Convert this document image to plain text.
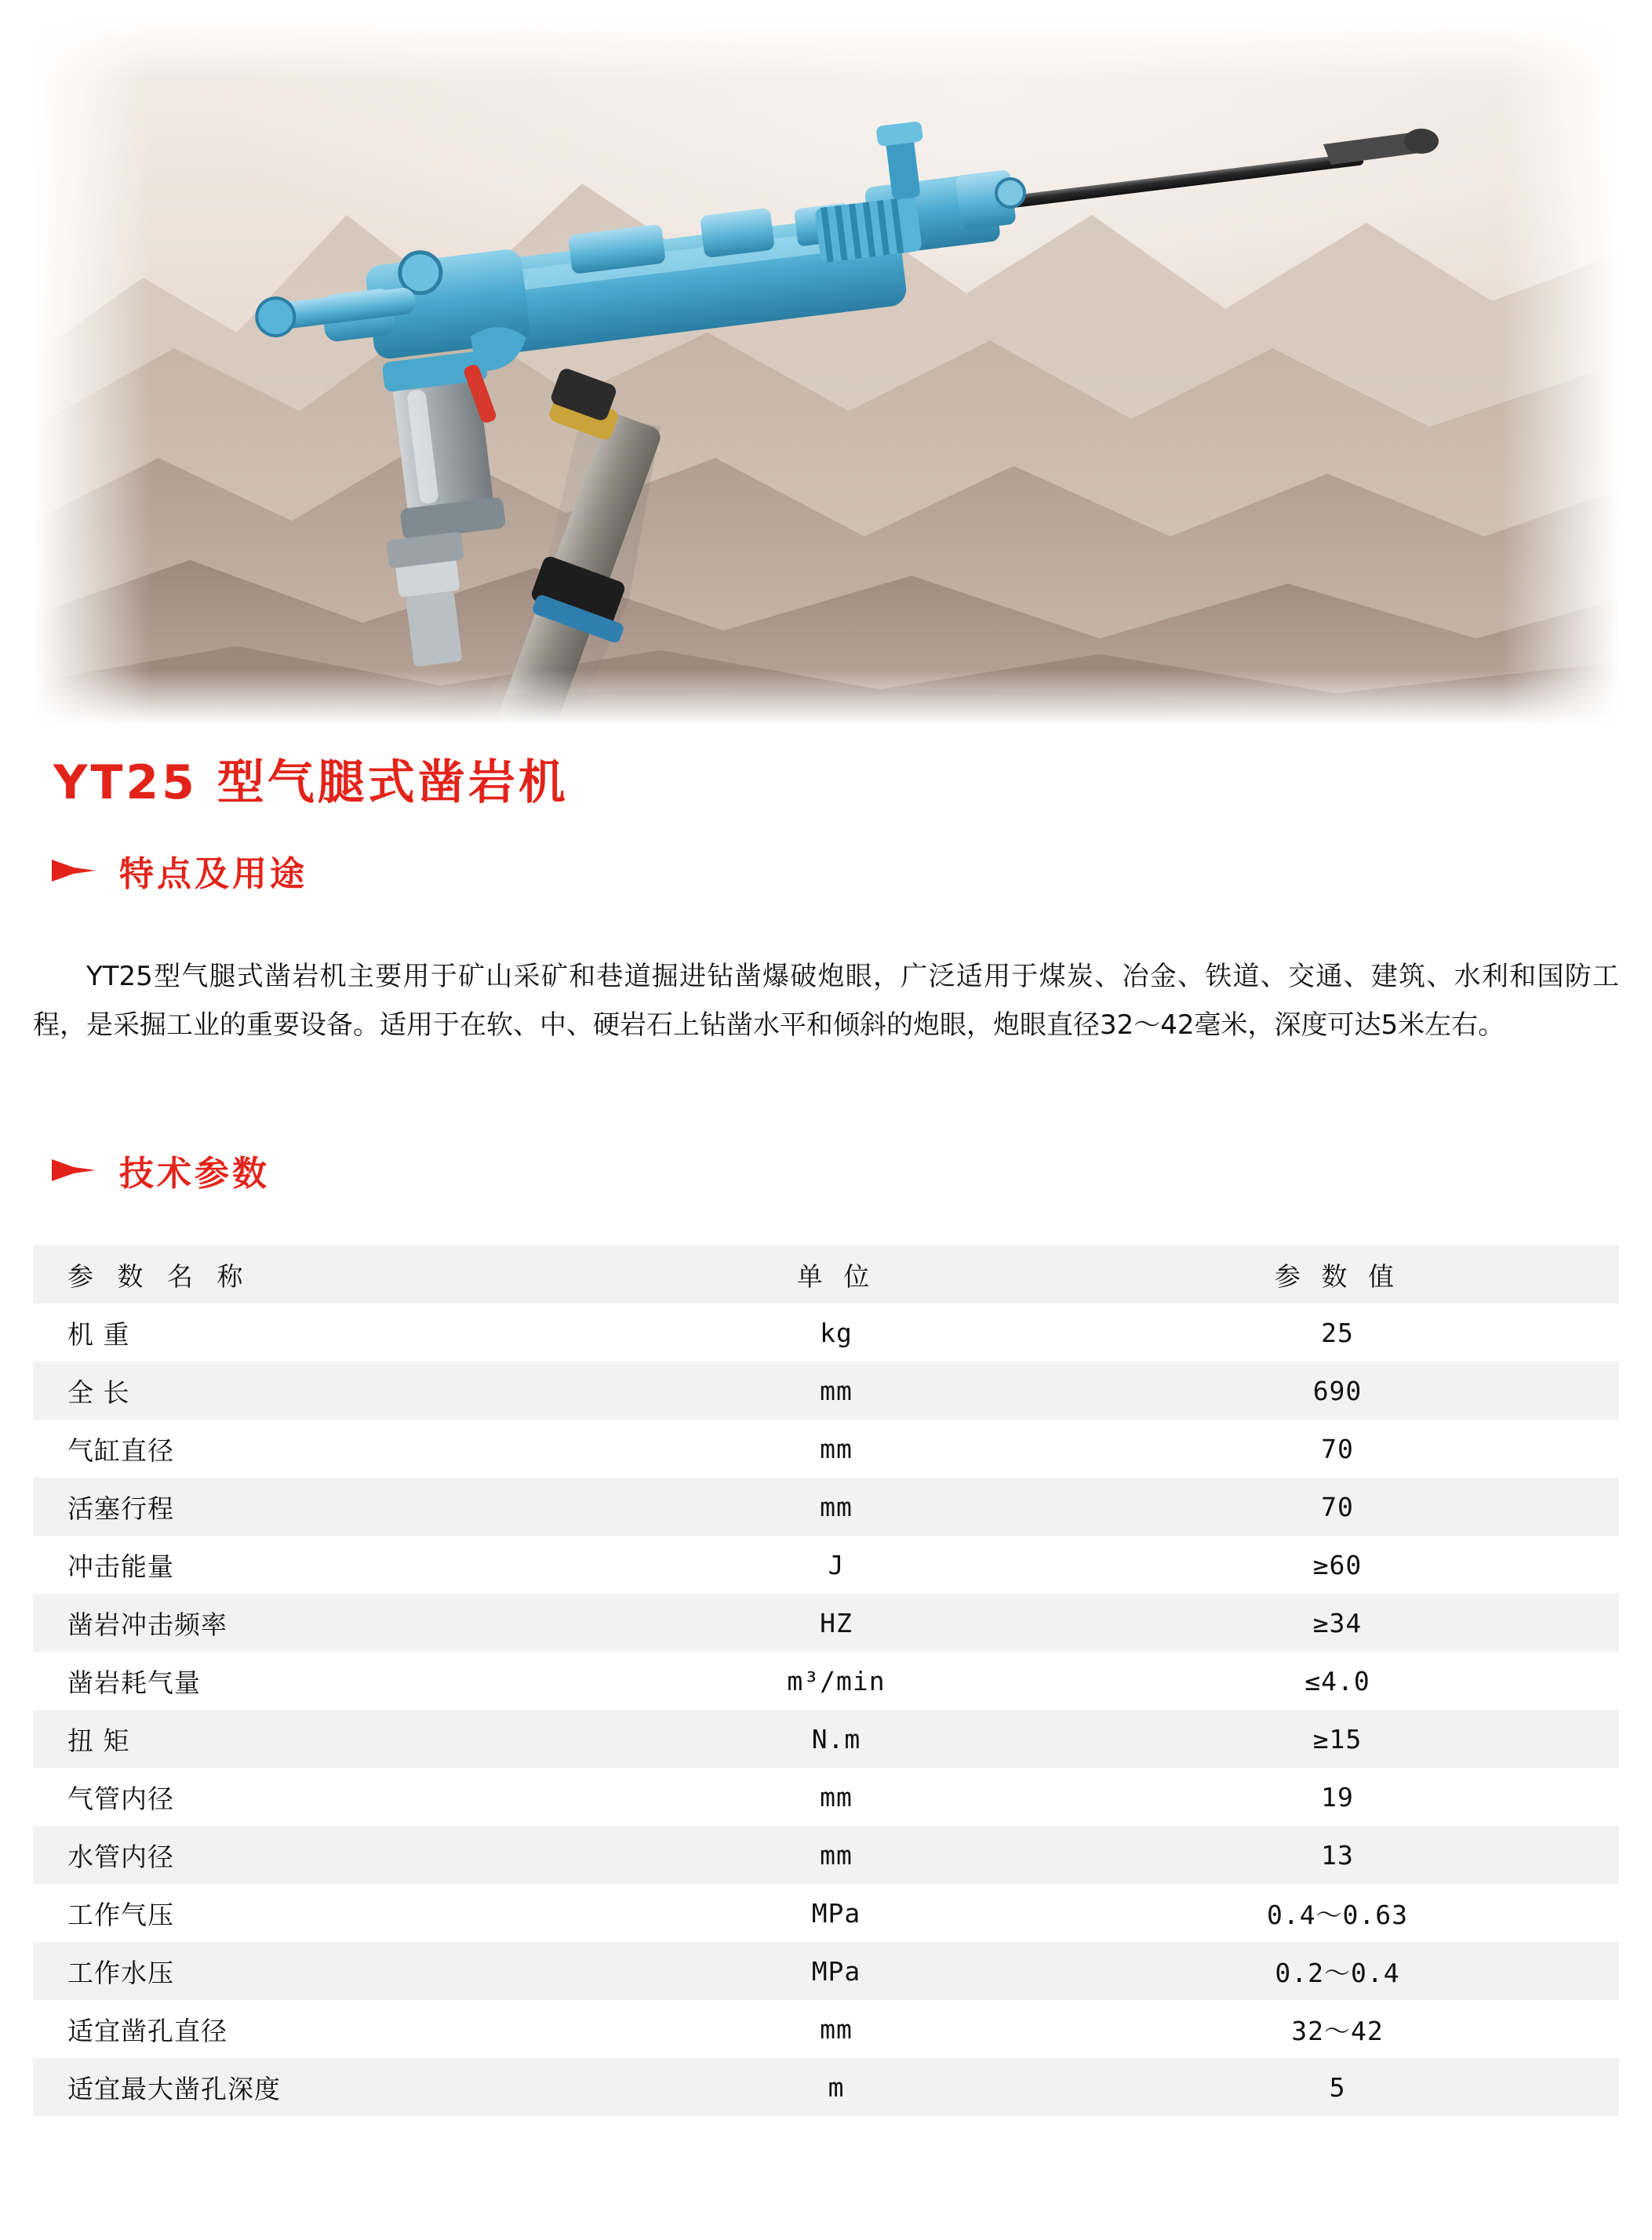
YT25 型气腿式凿岩机
特点及用途

YT25型气腿式凿岩机主要用于矿山采矿和巷道掘进钻凿爆破炮眼，广泛适用于煤炭、冶金、铁道、交通、建筑、水利和国防工程，是采掘工业的重要设备。适用于在软、中、硬岩石上钻凿水平和倾斜的炮眼，炮眼直径32～42毫米，深度可达5米左右。

技术参数
参 数 名 称	单 位	参 数 值
机 重	kg	25
全 长	mm	690
气缸直径	mm	70
活塞行程	mm	70
冲击能量	J	≥60
凿岩冲击频率	HZ	≥34
凿岩耗气量	m³/min	≤4.0
扭 矩	N.m	≥15
气管内径	mm	19
水管内径	mm	13
工作气压	MPa	0.4～0.63
工作水压	MPa	0.2～0.4
适宜凿孔直径	mm	32～42
适宜最大凿孔深度	m	5
